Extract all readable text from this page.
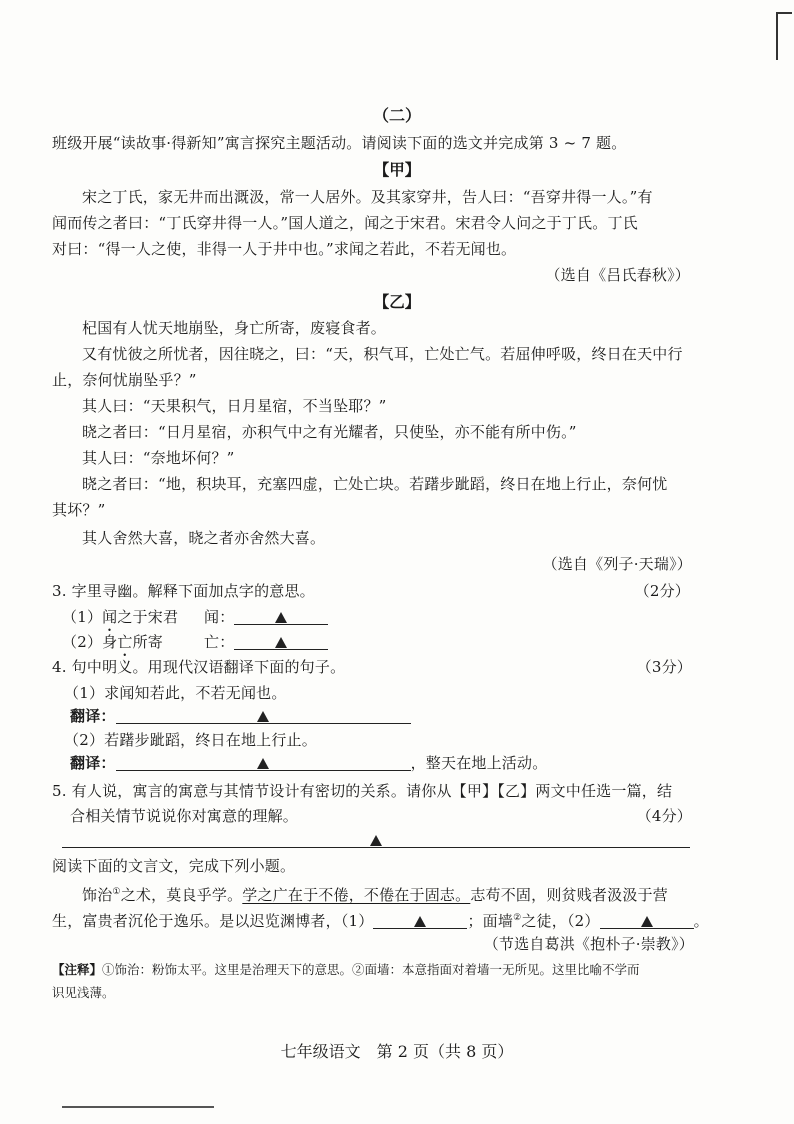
（二）
班级开展“读故事·得新知”寓言探究主题活动。请阅读下面的选文并完成第 3 ~ 7 题。
【甲】
宋之丁氏，家无井而出溉汲，常一人居外。及其家穿井，告人曰：“吾穿井得一人。”有
闻而传之者曰：“丁氏穿井得一人。”国人道之，闻之于宋君。宋君令人问之于丁氏。丁氏
对曰：“得一人之使，非得一人于井中也。”求闻之若此，不若无闻也。
（选自《吕氏春秋》）
【乙】
杞国有人忧天地崩坠，身亡所寄，废寝食者。
又有忧彼之所忧者，因往晓之，曰：“天，积气耳，亡处亡气。若屈伸呼吸，终日在天中行
止，奈何忧崩坠乎？”
其人曰：“天果积气，日月星宿，不当坠耶？”
晓之者曰：“日月星宿，亦积气中之有光耀者，只使坠，亦不能有所中伤。”
其人曰：“奈地坏何？”
晓之者曰：“地，积块耳，充塞四虚，亡处亡块。若躇步跐蹈，终日在地上行止，奈何忧
其坏？”
其人舍然大喜，晓之者亦舍然大喜。
（选自《列子·天瑞》）
3. 字里寻幽。解释下面加点字的意思。	（2分）
（1）闻之于宋君 闻：
（2）身亡所寄	亡：
4. 句中明义。用现代汉语翻译下面的句子。	（3分）
（1）求闻知若此，不若无闻也。
翻译：
（2）若躇步跐蹈，终日在地上行止。
翻译：	，整天在地上活动。
5. 有人说，寓言的寓意与其情节设计有密切的关系。请你从【甲】【乙】两文中任选一篇，结
合相关情节说说你对寓意的理解。	（4分）
阅读下面的文言文，完成下列小题。
饰治①之术，莫良乎学。学之广在于不倦，不倦在于固志。志苟不固，则贫贱者汲汲于营
生，富贵者沉伦于逸乐。是以迟览渊博者，（1）	；面墙②之徒，（2）	。
（节选自葛洪《抱朴子·崇教》）
【注释】①饰治：粉饰太平。这里是治理天下的意思。②面墙：本意指面对着墙一无所见。这里比喻不学而
识见浅薄。
七年级语文　第 2 页（共 8 页）
